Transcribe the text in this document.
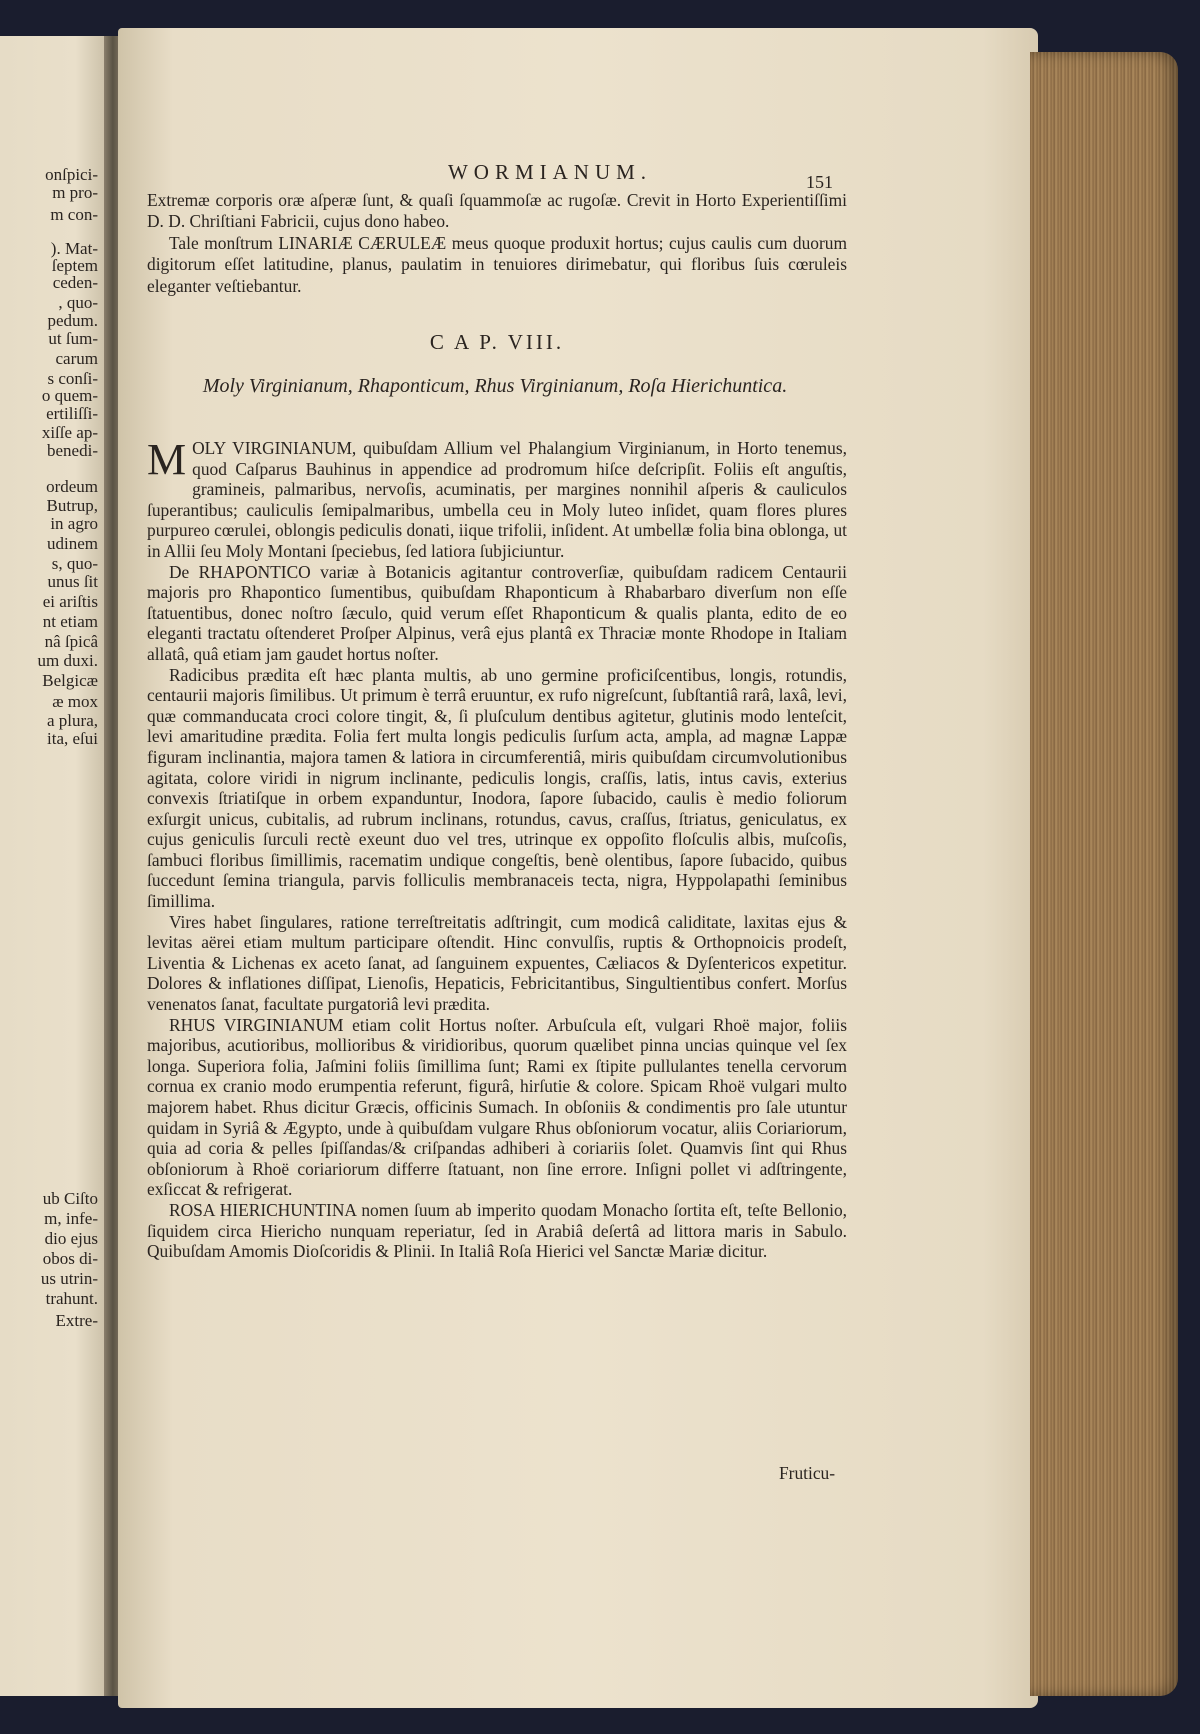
onſpici-
m pro-
m con-
). Mat-
ſeptem
ceden-
, quo-
pedum.
ut ſum-
carum
s conſi-
o quem-
ertiliſſi-
xiſſe ap-
benedi-
ordeum
Butrup,
in agro
udinem
s, quo-
unus ſit
ei ariſtis
nt etiam
nâ ſpicâ
um duxi.
Belgicæ
æ mox
a plura,
ita, eſui
ub Ciſto
m, infe-
dio ejus
obos di-
us utrin-
trahunt.
Extre-
WORMIANUM.	151

Extremæ corporis oræ aſperæ ſunt, & quaſi ſquammoſæ ac rugoſæ. Crevit in Horto Experientiſſimi D. D. Chriſtiani Fabricii, cujus dono habeo.

Tale monſtrum LINARIÆ CÆRULEÆ meus quoque produxit hortus; cujus caulis cum duorum digitorum eſſet latitudine, planus, paulatim in tenuiores dirimebatur, qui floribus ſuis cœruleis eleganter veſtiebantur.

C A P. VIII.
Moly Virginianum, Rhaponticum, Rhus Virginianum, Roſa Hierichuntica.

M OLY VIRGINIANUM, quibuſdam Allium vel Phalangium Virginianum, in Horto tenemus, quod Caſparus Bauhinus in appendice ad prodromum hiſce deſcripſit. Foliis eſt anguſtis, gramineis, palmaribus, nervoſis, acuminatis, per margines nonnihil aſperis & cauliculos ſuperantibus; cauliculis ſemipalmaribus, umbella ceu in Moly luteo inſidet, quam flores plures purpureo cœrulei, oblongis pediculis donati, iique trifolii, inſident. At umbellæ folia bina oblonga, ut in Allii ſeu Moly Montani ſpeciebus, ſed latiora ſubjiciuntur.

De RHAPONTICO variæ à Botanicis agitantur controverſiæ, quibuſdam radicem Centaurii majoris pro Rhapontico ſumentibus, quibuſdam Rhaponticum à Rhabarbaro diverſum non eſſe ſtatuentibus, donec noſtro ſæculo, quid verum eſſet Rhaponticum & qualis planta, edito de eo eleganti tractatu oſtenderet Proſper Alpinus, verâ ejus plantâ ex Thraciæ monte Rhodope in Italiam allatâ, quâ etiam jam gaudet hortus noſter.

Radicibus prædita eſt hæc planta multis, ab uno germine proficiſcentibus, longis, rotundis, centaurii majoris ſimilibus. Ut primum è terrâ eruuntur, ex rufo nigreſcunt, ſubſtantiâ rarâ, laxâ, levi, quæ commanducata croci colore tingit, &, ſi pluſculum dentibus agitetur, glutinis modo lenteſcit, levi amaritudine prædita. Folia fert multa longis pediculis ſurſum acta, ampla, ad magnæ Lappæ figuram inclinantia, majora tamen & latiora in circumferentiâ, miris quibuſdam circumvolutionibus agitata, colore viridi in nigrum inclinante, pediculis longis, craſſis, latis, intus cavis, exterius convexis ſtriatiſque in orbem expanduntur, Inodora, ſapore ſubacido, caulis è medio foliorum exſurgit unicus, cubitalis, ad rubrum inclinans, rotundus, cavus, craſſus, ſtriatus, geniculatus, ex cujus geniculis ſurculi rectè exeunt duo vel tres, utrinque ex oppoſito floſculis albis, muſcoſis, ſambuci floribus ſimillimis, racematim undique congeſtis, benè olentibus, ſapore ſubacido, quibus ſuccedunt ſemina triangula, parvis folliculis membranaceis tecta, nigra, Hyppolapathi ſeminibus ſimillima.

Vires habet ſingulares, ratione terreſtreitatis adſtringit, cum modicâ caliditate, laxitas ejus & levitas aërei etiam multum participare oſtendit. Hinc convulſis, ruptis & Orthopnoicis prodeſt, Liventia & Lichenas ex aceto ſanat, ad ſanguinem expuentes, Cæliacos & Dyſentericos expetitur. Dolores & inflationes diſſipat, Lienoſis, Hepaticis, Febricitantibus, Singultientibus confert. Morſus venenatos ſanat, facultate purgatoriâ levi prædita.

RHUS VIRGINIANUM etiam colit Hortus noſter. Arbuſcula eſt, vulgari Rhoë major, foliis majoribus, acutioribus, mollioribus & viridioribus, quorum quælibet pinna uncias quinque vel ſex longa. Superiora folia, Jaſmini foliis ſimillima ſunt; Rami ex ſtipite pullulantes tenella cervorum cornua ex cranio modo erumpentia referunt, figurâ, hirſutie & colore. Spicam Rhoë vulgari multo majorem habet. Rhus dicitur Græcis, officinis Sumach. In obſoniis & condimentis pro ſale utuntur quidam in Syriâ & Ægypto, unde à quibuſdam vulgare Rhus obſoniorum vocatur, aliis Coriariorum, quia ad coria & pelles ſpiſſandas/& criſpandas adhiberi à coriariis ſolet. Quamvis ſint qui Rhus obſoniorum à Rhoë coriariorum differre ſtatuant, non ſine errore. Inſigni pollet vi adſtringente, exſiccat & refrigerat.

ROSA HIERICHUNTINA nomen ſuum ab imperito quodam Monacho ſortita eſt, teſte Bellonio, ſiquidem circa Hiericho nunquam reperiatur, ſed in Arabiâ deſertâ ad littora maris in Sabulo. Quibuſdam Amomis Dioſcoridis & Plinii. In Italiâ Roſa Hierici vel Sanctæ Mariæ dicitur.

Fruticu-
